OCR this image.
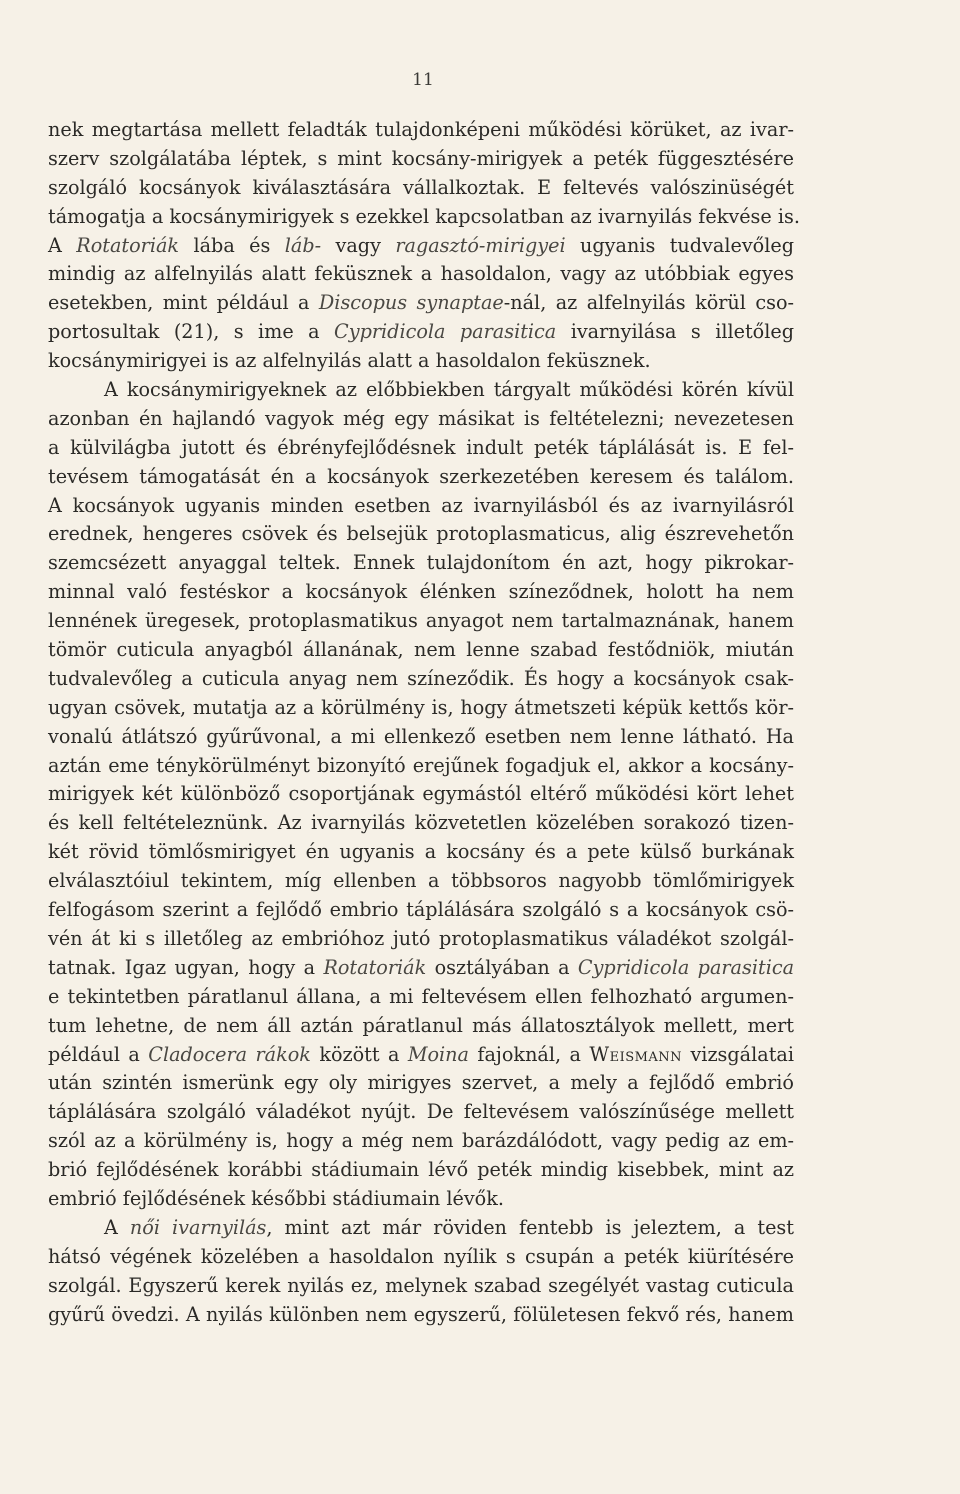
11
nek megtartása mellett feladták tulajdonképeni működési körüket, az ivar-
szerv szolgálatába léptek, s mint kocsány-mirigyek a peték függesztésére
szolgáló kocsányok kiválasztására vállalkoztak. E feltevés valószinüségét
támogatja a kocsánymirigyek s ezekkel kapcsolatban az ivarnyilás fekvése is.
A Rotatoriák lába és láb- vagy ragasztó-mirigyei ugyanis tudvalevőleg
mindig az alfelnyilás alatt feküsznek a hasoldalon, vagy az utóbbiak egyes
esetekben, mint például a Discopus synaptae-nál, az alfelnyilás körül cso-
portosultak (21), s ime a Cypridicola parasitica ivarnyilása s illetőleg
kocsánymirigyei is az alfelnyilás alatt a hasoldalon feküsznek.
A kocsánymirigyeknek az előbbiekben tárgyalt működési körén kívül
azonban én hajlandó vagyok még egy másikat is feltételezni; nevezetesen
a külvilágba jutott és ébrényfejlődésnek indult peték táplálását is. E fel-
tevésem támogatását én a kocsányok szerkezetében keresem és találom.
A kocsányok ugyanis minden esetben az ivarnyilásból és az ivarnyilásról
erednek, hengeres csövek és belsejük protoplasmaticus, alig észrevehetőn
szemcsézett anyaggal teltek. Ennek tulajdonítom én azt, hogy pikrokar-
minnal való festéskor a kocsányok élénken színeződnek, holott ha nem
lennének üregesek, protoplasmatikus anyagot nem tartalmaznának, hanem
tömör cuticula anyagból állanának, nem lenne szabad festődniök, miután
tudvalevőleg a cuticula anyag nem színeződik. És hogy a kocsányok csak-
ugyan csövek, mutatja az a körülmény is, hogy átmetszeti képük kettős kör-
vonalú átlátszó gyűrűvonal, a mi ellenkező esetben nem lenne látható. Ha
aztán eme ténykörülményt bizonyító erejűnek fogadjuk el, akkor a kocsány-
mirigyek két különböző csoportjának egymástól eltérő működési kört lehet
és kell feltételeznünk. Az ivarnyilás közvetetlen közelében sorakozó tizen-
két rövid tömlősmirigyet én ugyanis a kocsány és a pete külső burkának
elválasztóiul tekintem, míg ellenben a többsoros nagyobb tömlőmirigyek
felfogásom szerint a fejlődő embrio táplálására szolgáló s a kocsányok csö-
vén át ki s illetőleg az embrióhoz jutó protoplasmatikus váladékot szolgál-
tatnak. Igaz ugyan, hogy a Rotatoriák osztályában a Cypridicola parasitica
e tekintetben páratlanul állana, a mi feltevésem ellen felhozható argumen-
tum lehetne, de nem áll aztán páratlanul más állatosztályok mellett, mert
például a Cladocera rákok között a Moina fajoknál, a Weismann vizsgálatai
után szintén ismerünk egy oly mirigyes szervet, a mely a fejlődő embrió
táplálására szolgáló váladékot nyújt. De feltevésem valószínűsége mellett
szól az a körülmény is, hogy a még nem barázdálódott, vagy pedig az em-
brió fejlődésének korábbi stádiumain lévő peték mindig kisebbek, mint az
embrió fejlődésének későbbi stádiumain lévők.
A női ivarnyilás, mint azt már röviden fentebb is jeleztem, a test
hátsó végének közelében a hasoldalon nyílik s csupán a peték kiürítésére
szolgál. Egyszerű kerek nyilás ez, melynek szabad szegélyét vastag cuticula
gyűrű övedzi. A nyilás különben nem egyszerű, fölületesen fekvő rés, hanem
